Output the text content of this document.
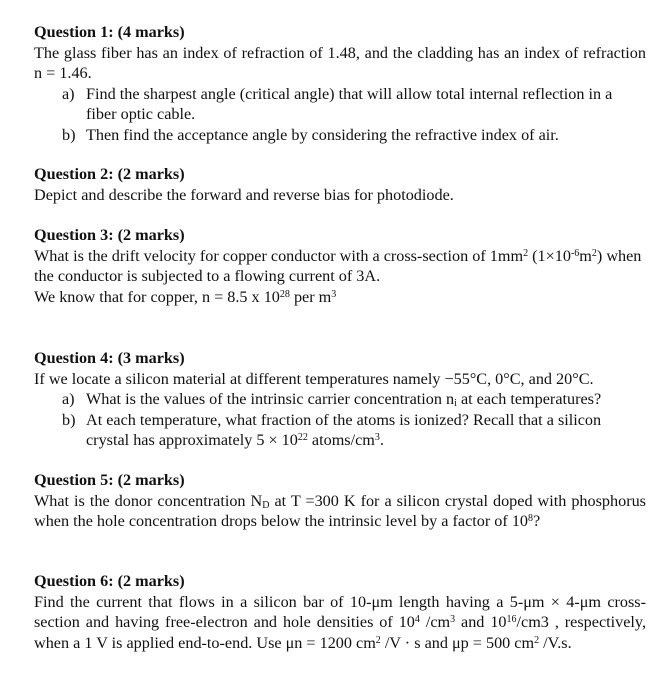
Question 1: (4 marks)
The glass fiber has an index of refraction of 1.48, and the cladding has an index of refraction n = 1.46.
a) Find the sharpest angle (critical angle) that will allow total internal reflection in a fiber optic cable.
b) Then find the acceptance angle by considering the refractive index of air.
Question 2: (2 marks)
Depict and describe the forward and reverse bias for photodiode.
Question 3: (2 marks)
What is the drift velocity for copper conductor with a cross-section of $1mm^2$ $(1\times 10^{-6}m^2)$ when the conductor is subjected to a flowing current of 3A.
We know that for copper, n = 8.5 x $10^{28}$ per $m^3$
Question 4: (3 marks)
If we locate a silicon material at different temperatures namely −55°C, 0°C, and 20°C.
a) What is the values of the intrinsic carrier concentration $n_i$ at each temperatures?
b) At each temperature, what fraction of the atoms is ionized? Recall that a silicon crystal has approximately $5 \times 10^{22}$ atoms/$cm^3$.
Question 5: (2 marks)
What is the donor concentration $N_D$ at T =300 K for a silicon crystal doped with phosphorus when the hole concentration drops below the intrinsic level by a factor of $10^8$?
Question 6: (2 marks)
Find the current that flows in a silicon bar of 10-μm length having a 5-μm × 4-μm cross-section and having free-electron and hole densities of $10^4$ $/cm^3$ and $10^{16}/cm3$ , respectively, when a 1 V is applied end-to-end. Use μn = 1200 $cm^2$ /V · s and μp = 500 $cm^2$ /V.s.
